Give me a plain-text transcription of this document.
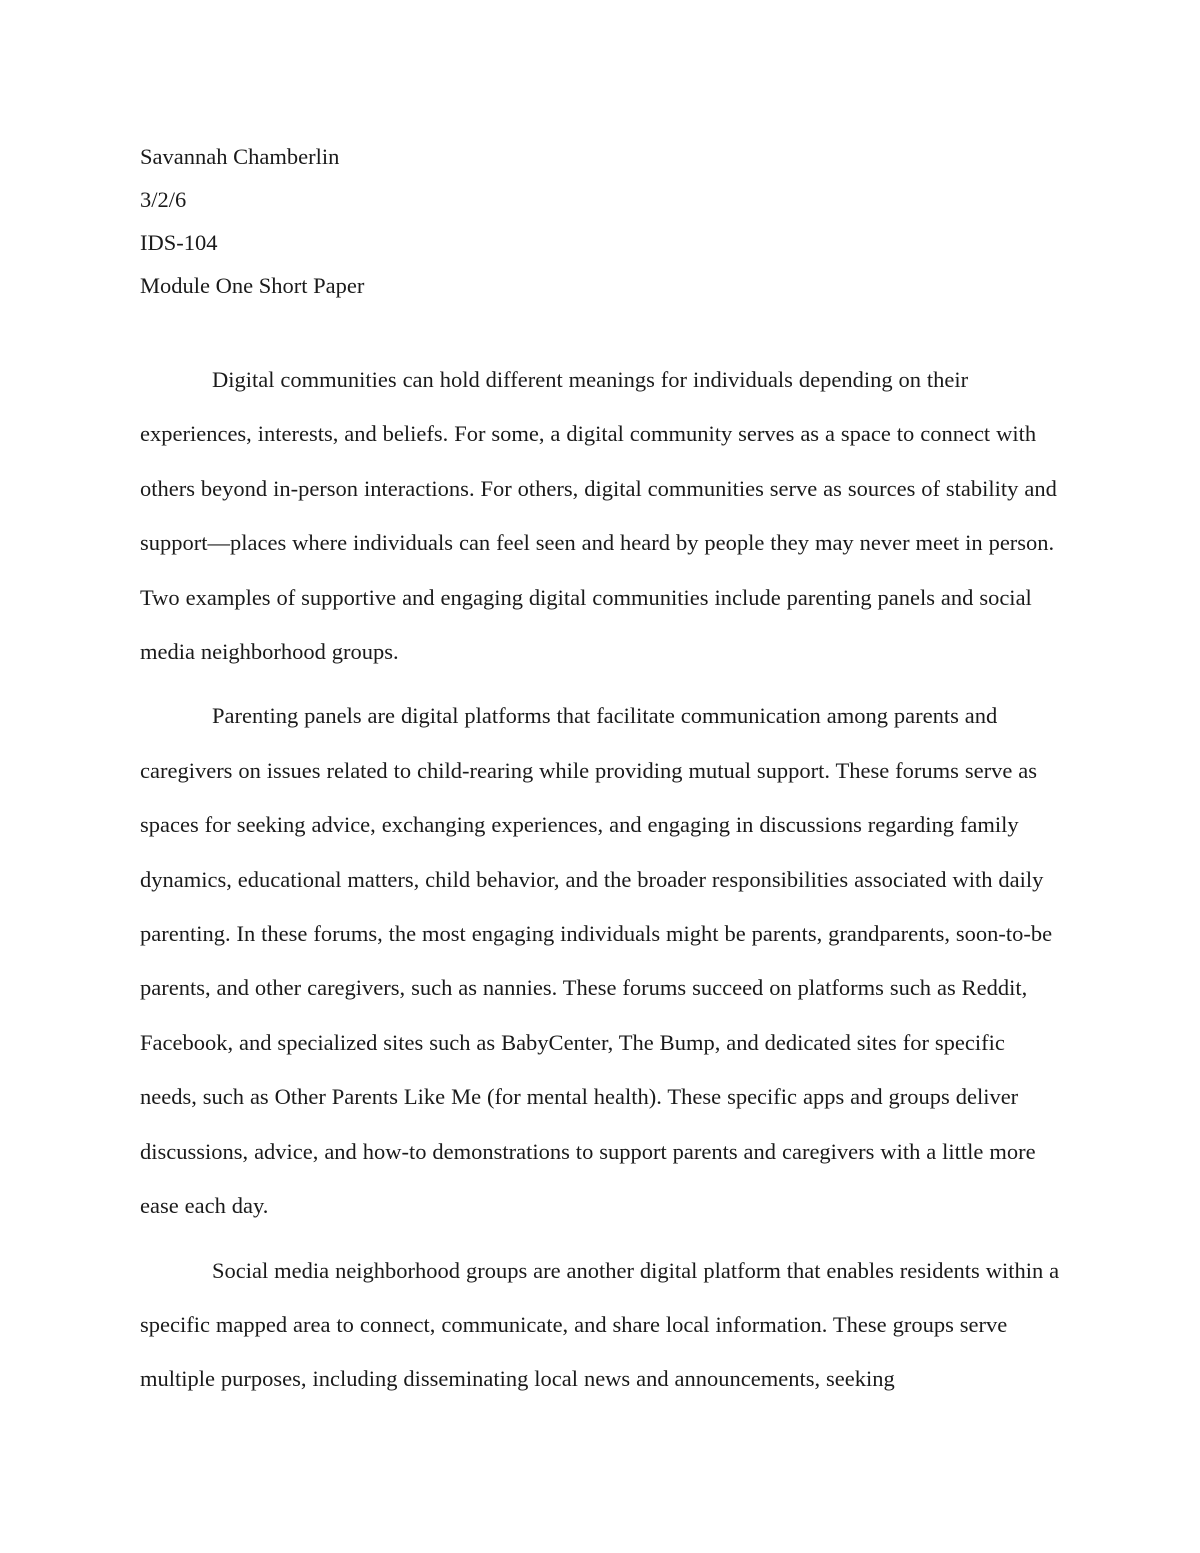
Savannah Chamberlin
3/2/6
IDS-104
Module One Short Paper

Digital communities can hold different meanings for individuals depending on their experiences, interests, and beliefs. For some, a digital community serves as a space to connect with others beyond in-person interactions. For others, digital communities serve as sources of stability and support—places where individuals can feel seen and heard by people they may never meet in person. Two examples of supportive and engaging digital communities include parenting panels and social media neighborhood groups.

Parenting panels are digital platforms that facilitate communication among parents and caregivers on issues related to child-rearing while providing mutual support. These forums serve as spaces for seeking advice, exchanging experiences, and engaging in discussions regarding family dynamics, educational matters, child behavior, and the broader responsibilities associated with daily parenting. In these forums, the most engaging individuals might be parents, grandparents, soon-to-be parents, and other caregivers, such as nannies. These forums succeed on platforms such as Reddit, Facebook, and specialized sites such as BabyCenter, The Bump, and dedicated sites for specific needs, such as Other Parents Like Me (for mental health). These specific apps and groups deliver discussions, advice, and how-to demonstrations to support parents and caregivers with a little more ease each day.

Social media neighborhood groups are another digital platform that enables residents within a specific mapped area to connect, communicate, and share local information. These groups serve multiple purposes, including disseminating local news and announcements, seeking
